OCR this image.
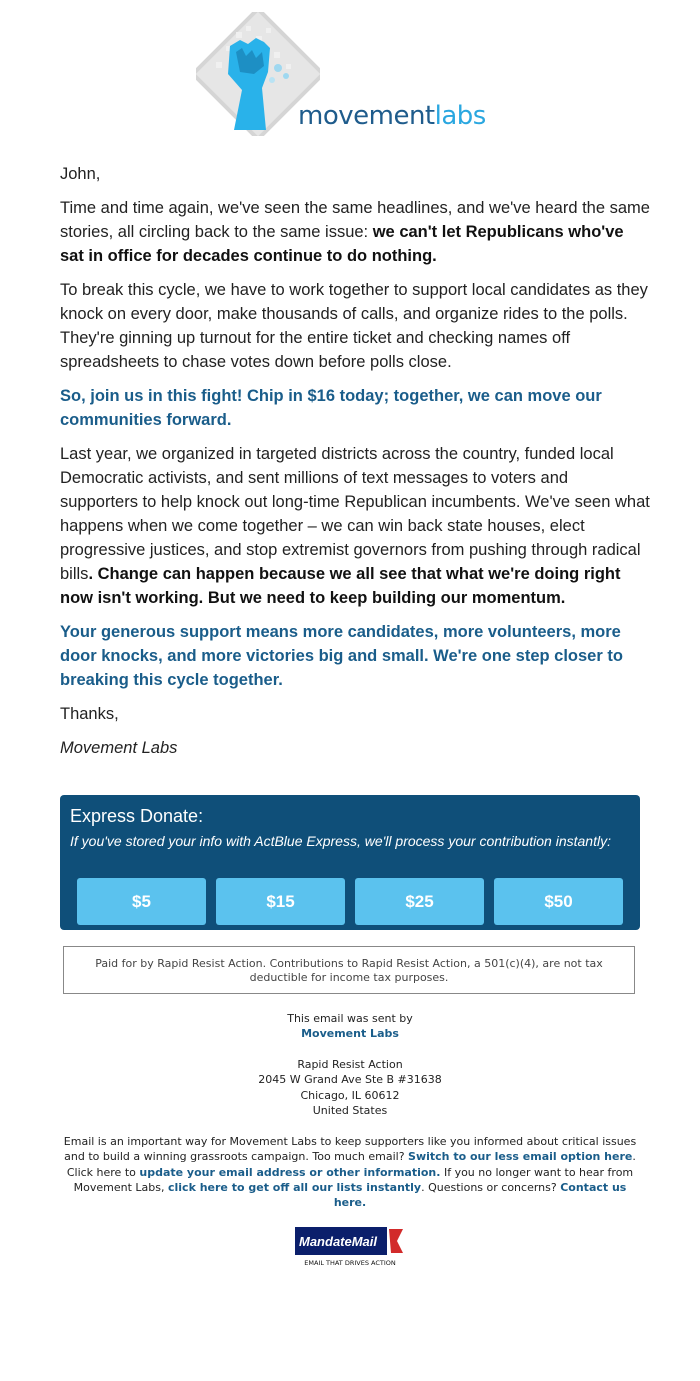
movementlabs

John,

Time and time again, we've seen the same headlines, and we've heard the same stories, all circling back to the same issue: we can't let Republicans who've sat in office for decades continue to do nothing.

To break this cycle, we have to work together to support local candidates as they knock on every door, make thousands of calls, and organize rides to the polls. They're ginning up turnout for the entire ticket and checking names off spreadsheets to chase votes down before polls close.

So, join us in this fight! Chip in $16 today; together, we can move our communities forward.

Last year, we organized in targeted districts across the country, funded local Democratic activists, and sent millions of text messages to voters and supporters to help knock out long-time Republican incumbents. We've seen what happens when we come together – we can win back state houses, elect progressive justices, and stop extremist governors from pushing through radical bills. Change can happen because we all see that what we're doing right now isn't working. But we need to keep building our momentum.

Your generous support means more candidates, more volunteers, more door knocks, and more victories big and small. We're one step closer to breaking this cycle together.

Thanks,

Movement Labs

Express Donate:
If you've stored your info with ActBlue Express, we'll process your contribution instantly:
$5	$15	$25	$50
Paid for by Rapid Resist Action. Contributions to Rapid Resist Action, a 501(c)(4), are not tax deductible for income tax purposes.
This email was sent by
Movement Labs
Rapid Resist Action
2045 W Grand Ave Ste B #31638
Chicago, IL 60612
United States
Email is an important way for Movement Labs to keep supporters like you informed about critical issues and to build a winning grassroots campaign. Too much email? Switch to our less email option here. Click here to update your email address or other information. If you no longer want to hear from Movement Labs, click here to get off all our lists instantly. Questions or concerns? Contact us here.
MandateMail
EMAIL THAT DRIVES ACTION
